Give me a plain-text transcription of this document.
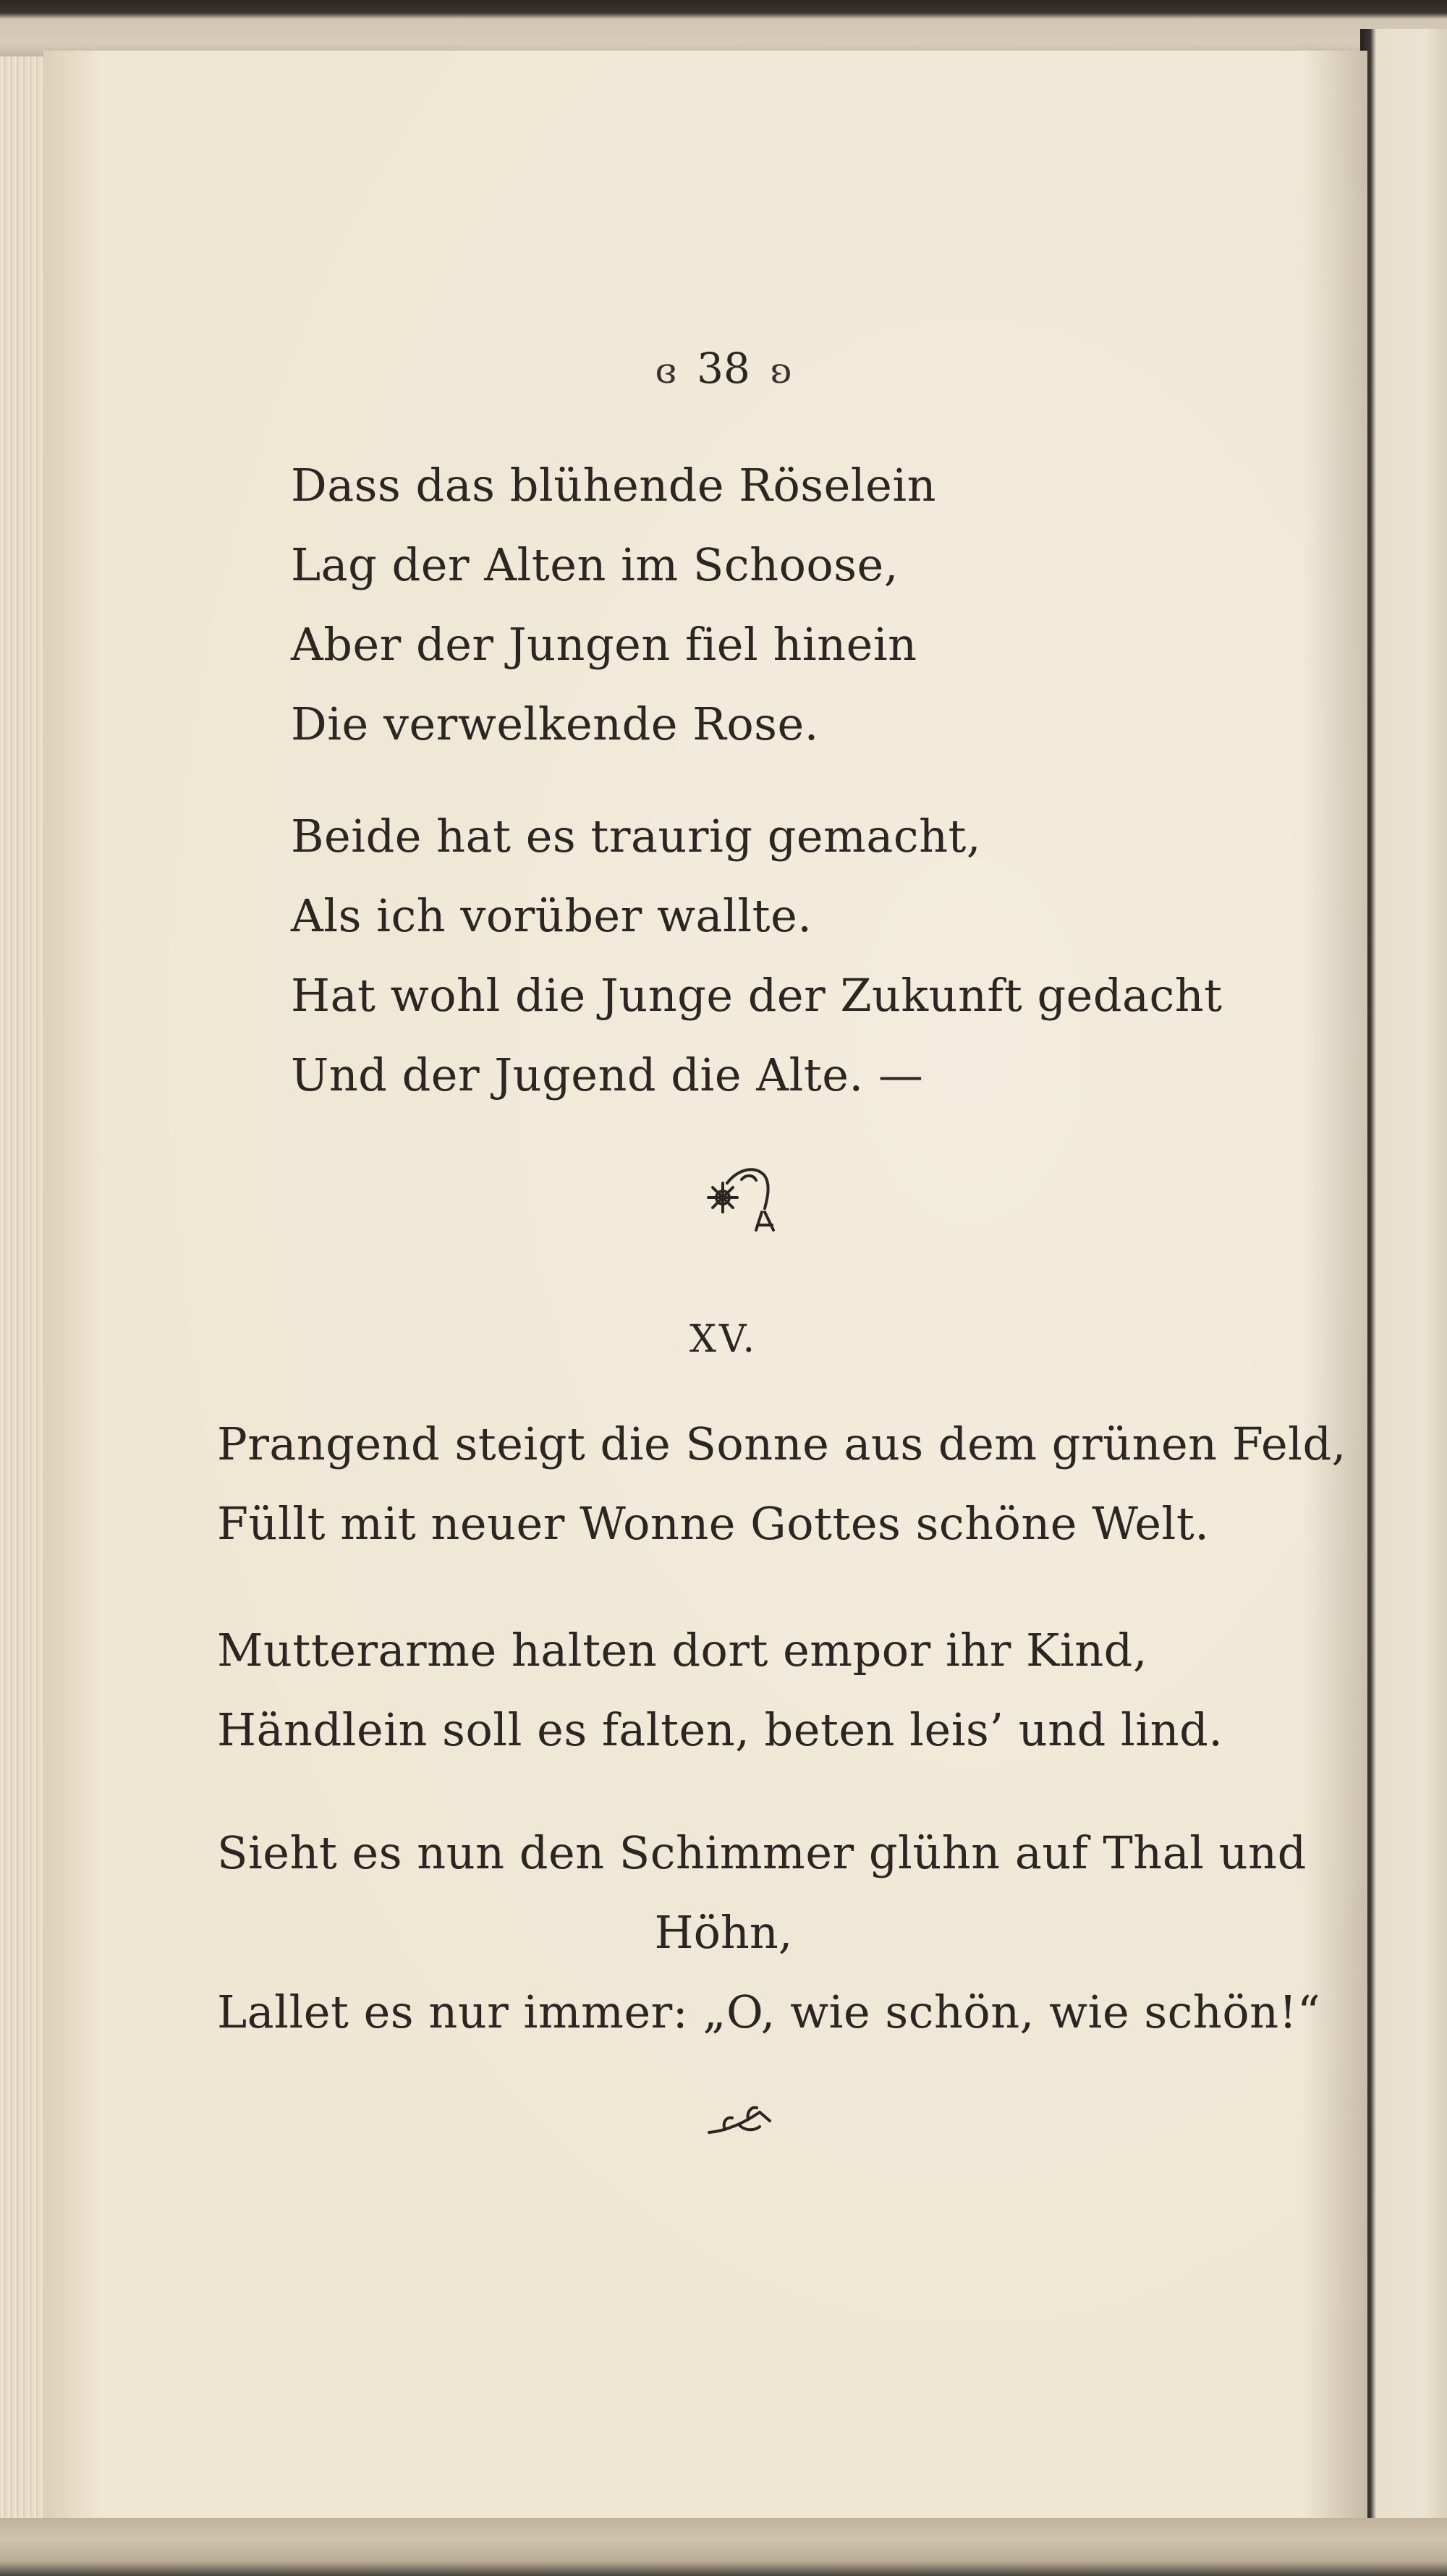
ɞ 38 ʚ
Dass das blühende Röselein
Lag der Alten im Schoose,
Aber der Jungen fiel hinein
Die verwelkende Rose.
Beide hat es traurig gemacht,
Als ich vorüber wallte.
Hat wohl die Junge der Zukunft gedacht
Und der Jugend die Alte. —
XV.
Prangend steigt die Sonne aus dem grünen Feld,
Füllt mit neuer Wonne Gottes schöne Welt.
Mutterarme halten dort empor ihr Kind,
Händlein soll es falten, beten leis’ und lind.
Sieht es nun den Schimmer glühn auf Thal und
Höhn,
Lallet es nur immer: „O, wie schön, wie schön!“
